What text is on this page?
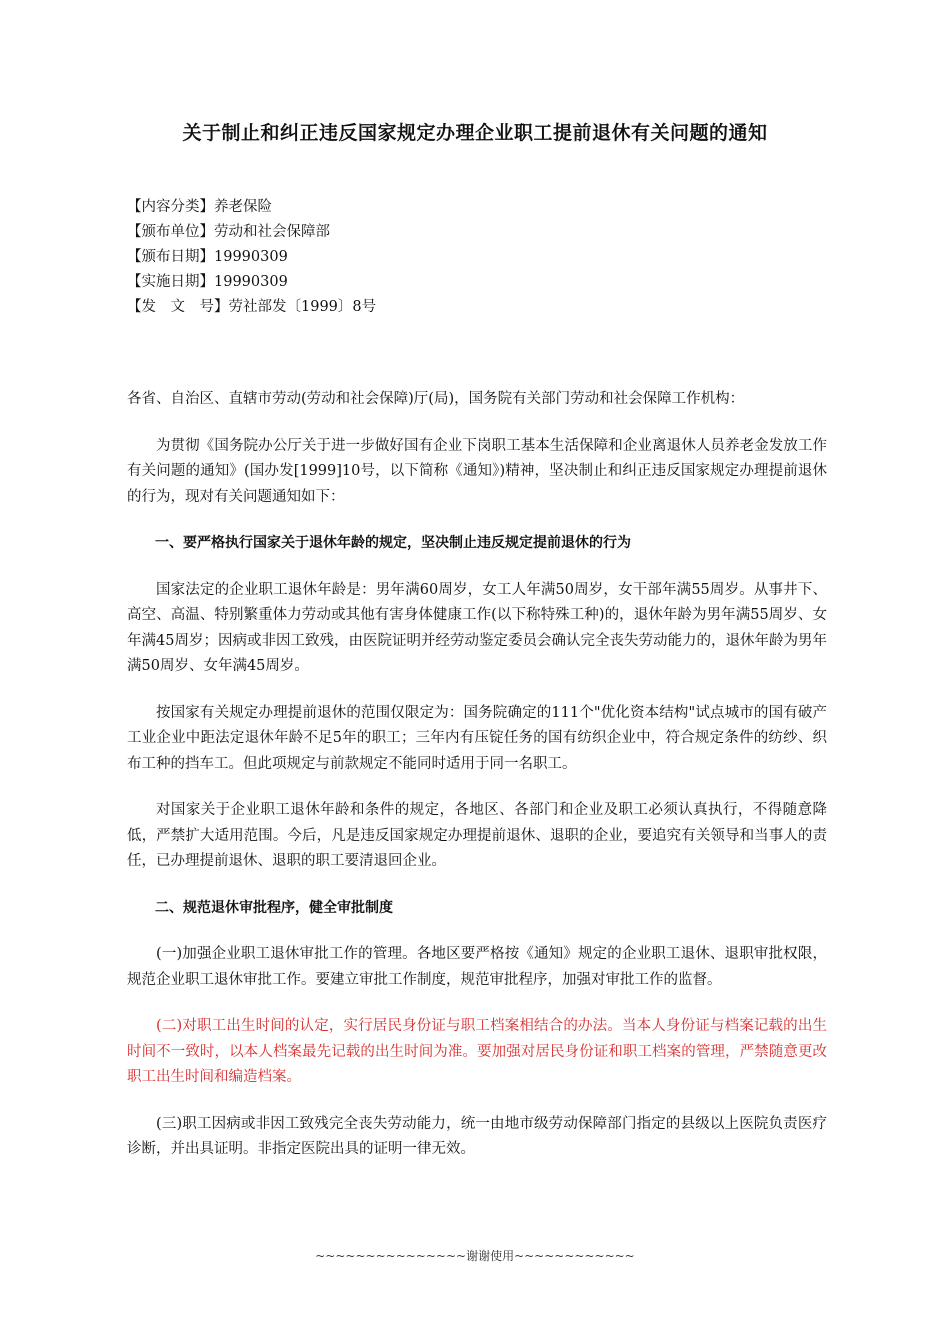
关于制止和纠正违反国家规定办理企业职工提前退休有关问题的通知
【内容分类】养老保险
【颁布单位】劳动和社会保障部
【颁布日期】19990309
【实施日期】19990309
【发　文　号】劳社部发〔1999〕8号

各省、自治区、直辖市劳动(劳动和社会保障)厅(局)，国务院有关部门劳动和社会保障工作机构：

为贯彻《国务院办公厅关于进一步做好国有企业下岗职工基本生活保障和企业离退休人员养老金发放工作有关问题的通知》(国办发[1999]10号，以下简称《通知》)精神，坚决制止和纠正违反国家规定办理提前退休的行为，现对有关问题通知如下：

一、要严格执行国家关于退休年龄的规定，坚决制止违反规定提前退休的行为

国家法定的企业职工退休年龄是：男年满60周岁，女工人年满50周岁，女干部年满55周岁。从事井下、高空、高温、特别繁重体力劳动或其他有害身体健康工作(以下称特殊工种)的，退休年龄为男年满55周岁、女年满45周岁；因病或非因工致残，由医院证明并经劳动鉴定委员会确认完全丧失劳动能力的，退休年龄为男年满50周岁、女年满45周岁。

按国家有关规定办理提前退休的范围仅限定为：国务院确定的111个"优化资本结构"试点城市的国有破产工业企业中距法定退休年龄不足5年的职工；三年内有压锭任务的国有纺织企业中，符合规定条件的纺纱、织布工种的挡车工。但此项规定与前款规定不能同时适用于同一名职工。

对国家关于企业职工退休年龄和条件的规定，各地区、各部门和企业及职工必须认真执行，不得随意降低，严禁扩大适用范围。今后，凡是违反国家规定办理提前退休、退职的企业，要追究有关领导和当事人的责任，已办理提前退休、退职的职工要清退回企业。

二、规范退休审批程序，健全审批制度

(一)加强企业职工退休审批工作的管理。各地区要严格按《通知》规定的企业职工退休、退职审批权限，规范企业职工退休审批工作。要建立审批工作制度，规范审批程序，加强对审批工作的监督。

(二)对职工出生时间的认定，实行居民身份证与职工档案相结合的办法。当本人身份证与档案记载的出生时间不一致时，以本人档案最先记载的出生时间为准。要加强对居民身份证和职工档案的管理，严禁随意更改职工出生时间和编造档案。

(三)职工因病或非因工致残完全丧失劳动能力，统一由地市级劳动保障部门指定的县级以上医院负责医疗诊断，并出具证明。非指定医院出具的证明一律无效。

~~~~~~~~~~~~~~~谢谢使用~~~~~~~~~~~~
